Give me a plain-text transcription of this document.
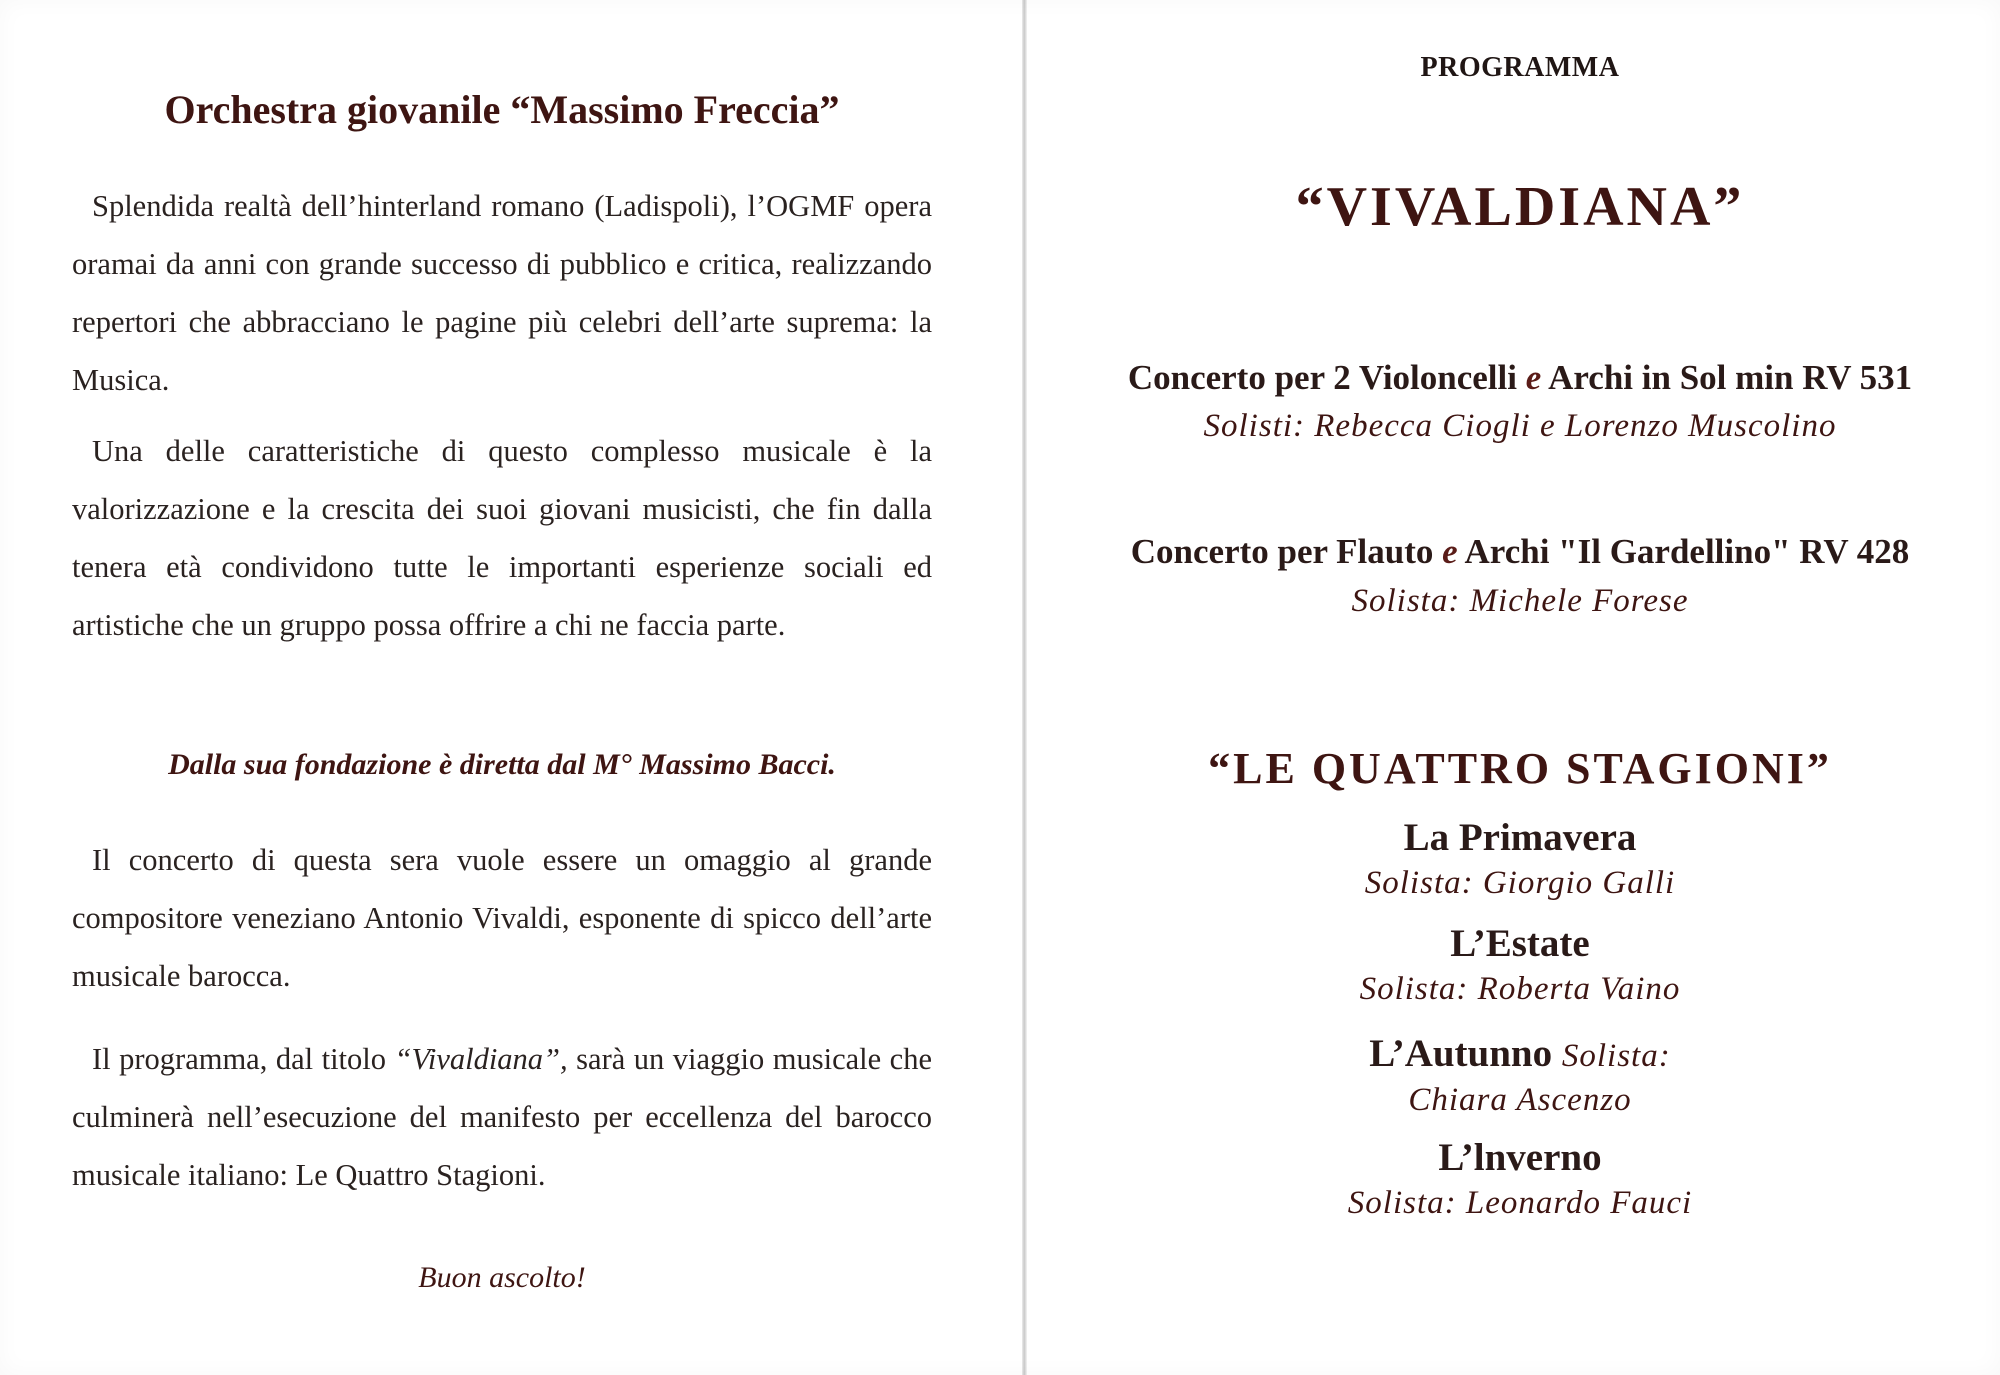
Orchestra giovanile “Massimo Freccia”

Splendida realtà dell’hinterland romano (Ladispoli), l’OGMF opera oramai da anni con grande successo di pubblico e critica, realizzando repertori che abbracciano le pagine più celebri dell’arte suprema: la Musica.

Una delle caratteristiche di questo complesso musicale è la valorizzazione e la crescita dei suoi giovani musicisti, che fin dalla tenera età condividono tutte le importanti esperienze sociali ed artistiche che un gruppo possa offrire a chi ne faccia parte.

Dalla sua fondazione è diretta dal M° Massimo Bacci.

Il concerto di questa sera vuole essere un omaggio al grande compositore veneziano Antonio Vivaldi, esponente di spicco dell’arte musicale barocca.

Il programma, dal titolo “Vivaldiana”, sarà un viaggio musicale che culminerà nell’esecuzione del manifesto per eccellenza del barocco musicale italiano: Le Quattro Stagioni.

Buon ascolto!
PROGRAMMA
“VIVALDIANA”
Concerto per 2 Violoncelli e Archi in Sol min RV 531
Solisti: Rebecca Ciogli e Lorenzo Muscolino
Concerto per Flauto e Archi "Il Gardellino" RV 428
Solista: Michele Forese
“LE QUATTRO STAGIONI”
La Primavera
Solista: Giorgio Galli
L’Estate
Solista: Roberta Vaino
L’Autunno Solista:
Chiara Ascenzo
L’lnverno
Solista: Leonardo Fauci
